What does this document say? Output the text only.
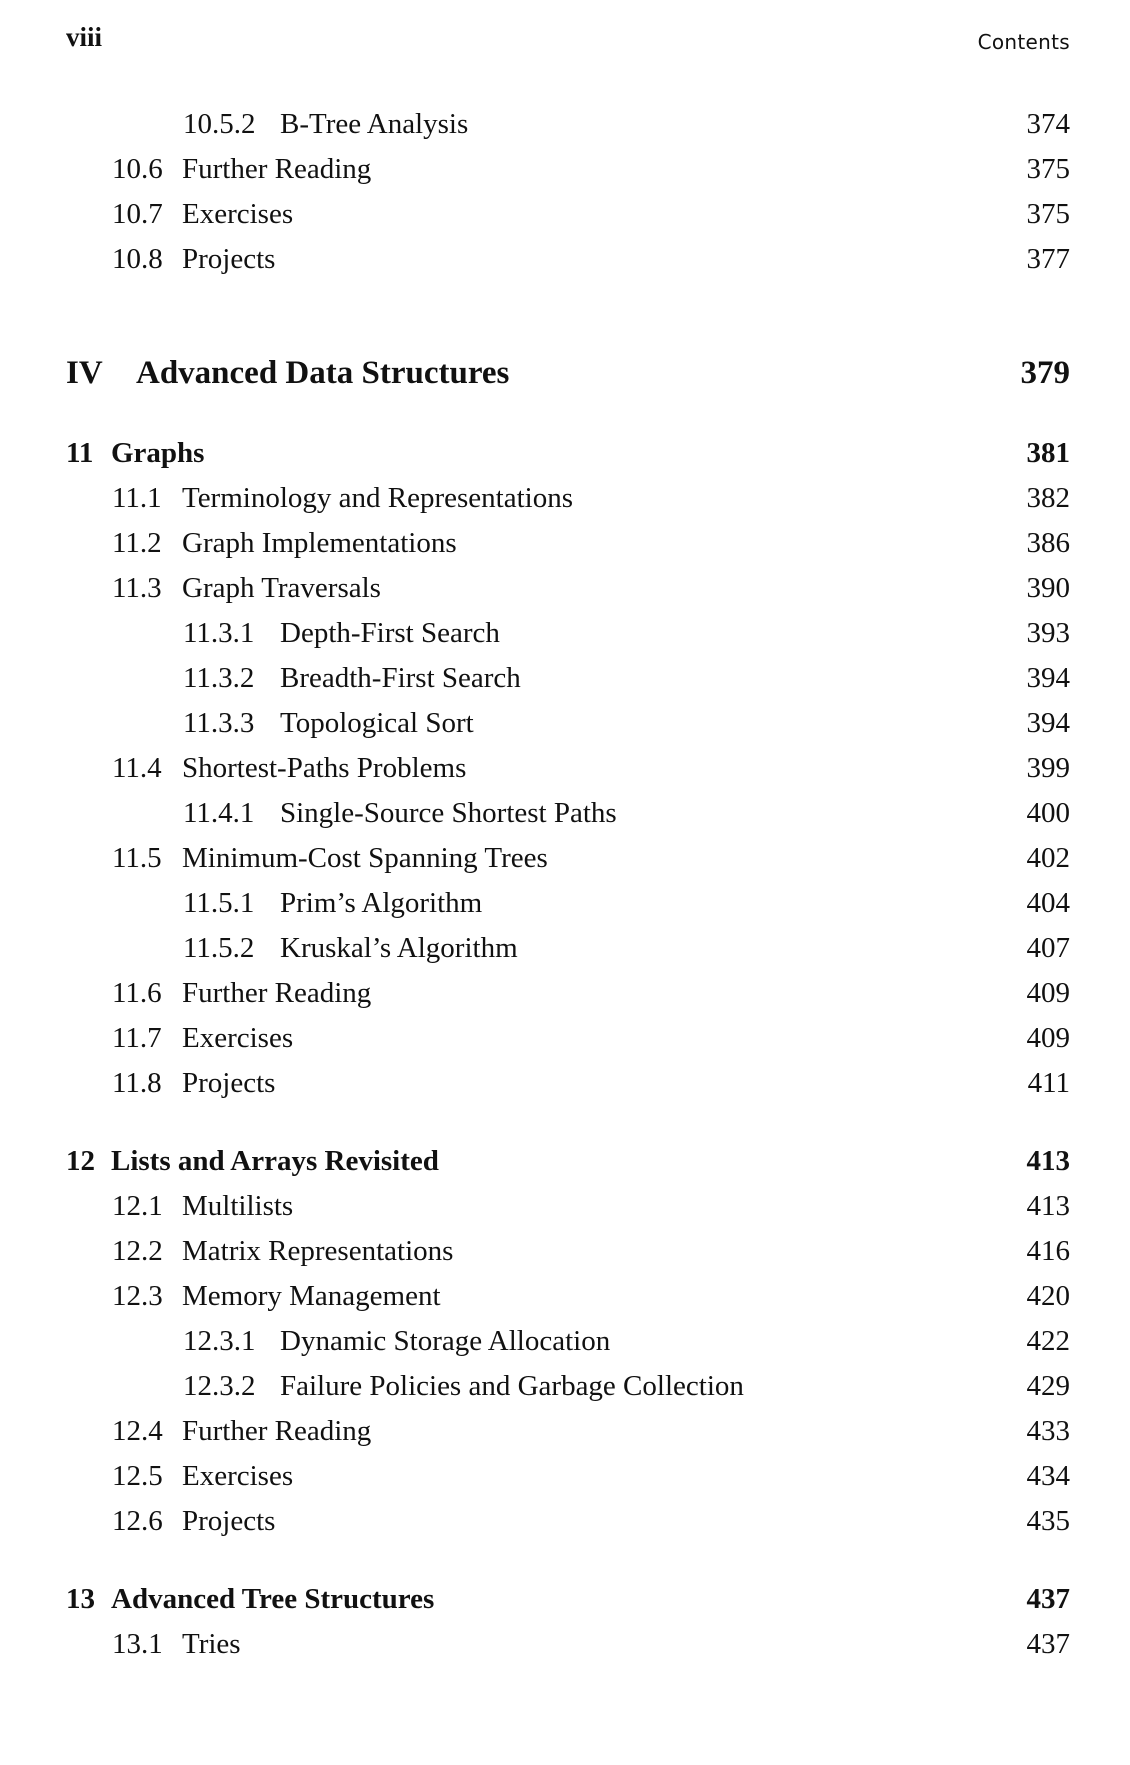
viii	Contents
10.5.2 B-Tree Analysis	374
10.6 Further Reading	375
10.7 Exercises	375
10.8 Projects	377
IV Advanced Data Structures	379
11 Graphs	381
11.1 Terminology and Representations	382
11.2 Graph Implementations	386
11.3 Graph Traversals	390
11.3.1 Depth-First Search	393
11.3.2 Breadth-First Search	394
11.3.3 Topological Sort	394
11.4 Shortest-Paths Problems	399
11.4.1 Single-Source Shortest Paths	400
11.5 Minimum-Cost Spanning Trees	402
11.5.1 Prim’s Algorithm	404
11.5.2 Kruskal’s Algorithm	407
11.6 Further Reading	409
11.7 Exercises	409
11.8 Projects	411
12 Lists and Arrays Revisited	413
12.1 Multilists	413
12.2 Matrix Representations	416
12.3 Memory Management	420
12.3.1 Dynamic Storage Allocation	422
12.3.2 Failure Policies and Garbage Collection	429
12.4 Further Reading	433
12.5 Exercises	434
12.6 Projects	435
13 Advanced Tree Structures	437
13.1 Tries	437
